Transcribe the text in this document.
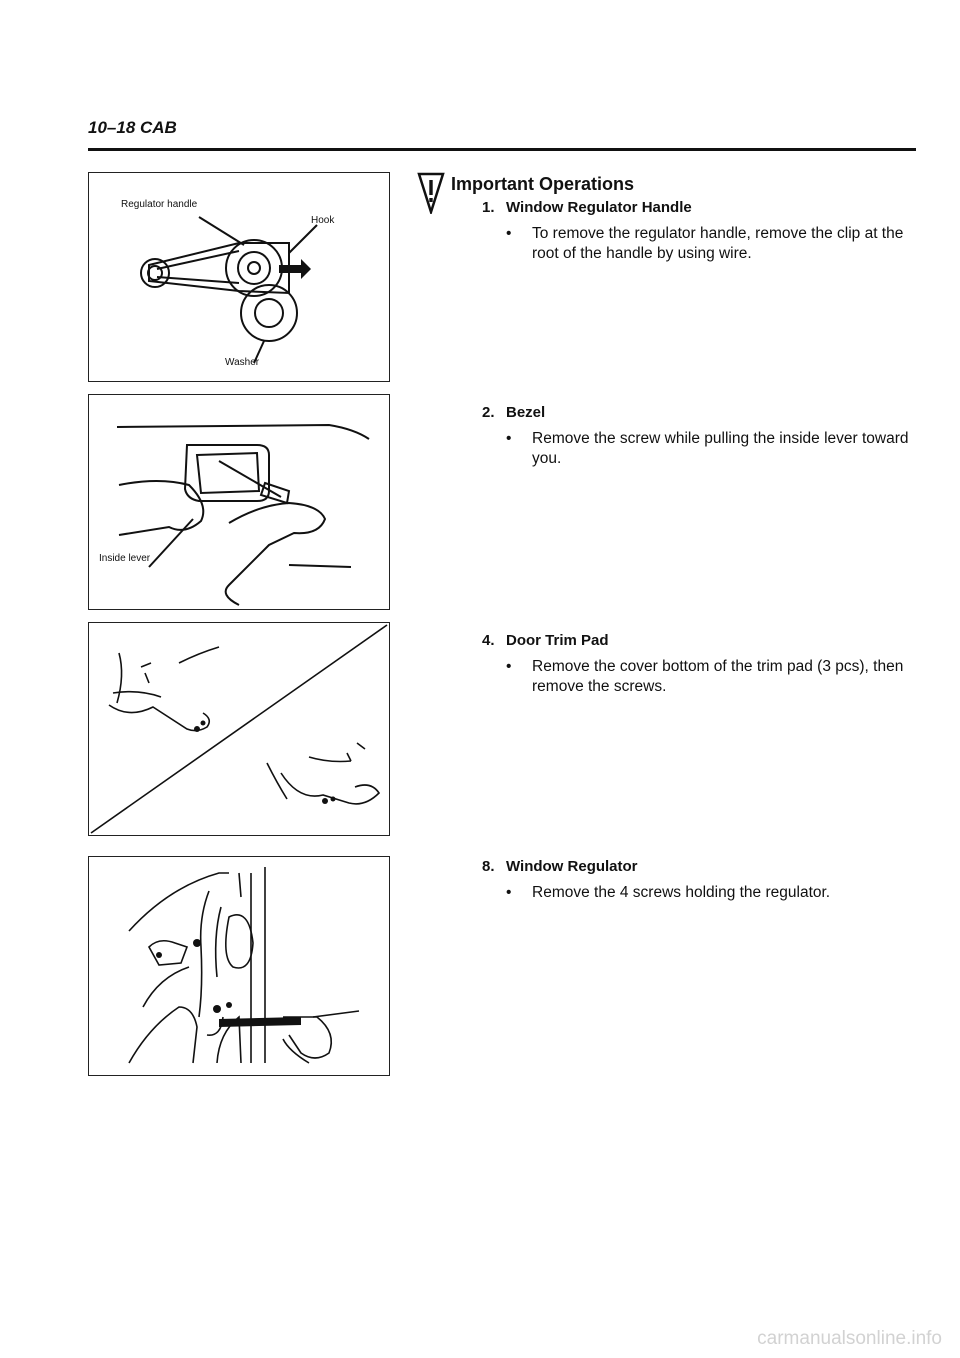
10–18 CAB
Regulator handle
Hook
Washer
Inside lever
Important Operations
1. Window Regulator Handle
• To remove the regulator handle, remove the clip at the root of the handle by using wire.
2. Bezel
• Remove the screw while pulling the inside lever toward you.
4. Door Trim Pad
• Remove the cover bottom of the trim pad (3 pcs), then remove the screws.
8. Window Regulator
• Remove the 4 screws holding the regulator.
carmanualsonline.info
